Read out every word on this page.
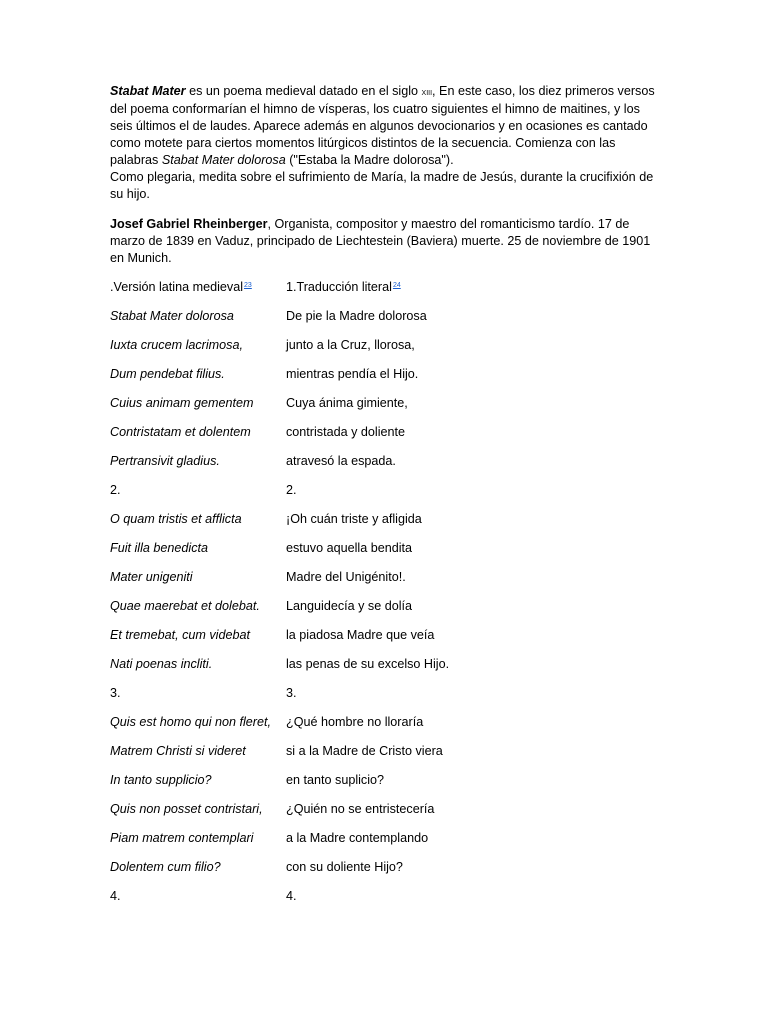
Stabat Mater es un poema medieval datado en el siglo xiii, En este caso, los diez primeros versos del poema conformarían el himno de vísperas, los cuatro siguientes el himno de maitines, y los seis últimos el de laudes. Aparece además en algunos devocionarios y en ocasiones es cantado como motete para ciertos momentos litúrgicos distintos de la secuencia. Comienza con las palabras Stabat Mater dolorosa ("Estaba la Madre dolorosa").
Como plegaria, medita sobre el sufrimiento de María, la madre de Jesús, durante la crucifixión de su hijo.

Josef Gabriel Rheinberger, Organista, compositor y maestro del romanticismo tardío. 17 de marzo de 1839 en Vaduz, principado de Liechtestein (Baviera) muerte. 25 de noviembre de 1901 en Munich.

.Versión latina medieval$^{23}$	1.Traducción literal$^{24}$
Stabat Mater dolorosa	De pie la Madre dolorosa
Iuxta crucem lacrimosa,	junto a la Cruz, llorosa,
Dum pendebat filius.	mientras pendía el Hijo.
Cuius animam gementem	Cuya ánima gimiente,
Contristatam et dolentem	contristada y doliente
Pertransivit gladius.	atravesó la espada.
2.	2.
O quam tristis et afflicta	¡Oh cuán triste y afligida
Fuit illa benedicta	estuvo aquella bendita
Mater unigeniti	Madre del Unigénito!.
Quae maerebat et dolebat.	Languidecía y se dolía
Et tremebat, cum videbat	la piadosa Madre que veía
Nati poenas incliti.	las penas de su excelso Hijo.
3.	3.
Quis est homo qui non fleret,	¿Qué hombre no lloraría
Matrem Christi si videret	si a la Madre de Cristo viera
In tanto supplicio?	en tanto suplicio?
Quis non posset contristari,	¿Quién no se entristecería
Piam matrem contemplari	a la Madre contemplando
Dolentem cum filio?	con su doliente Hijo?
4.	4.
